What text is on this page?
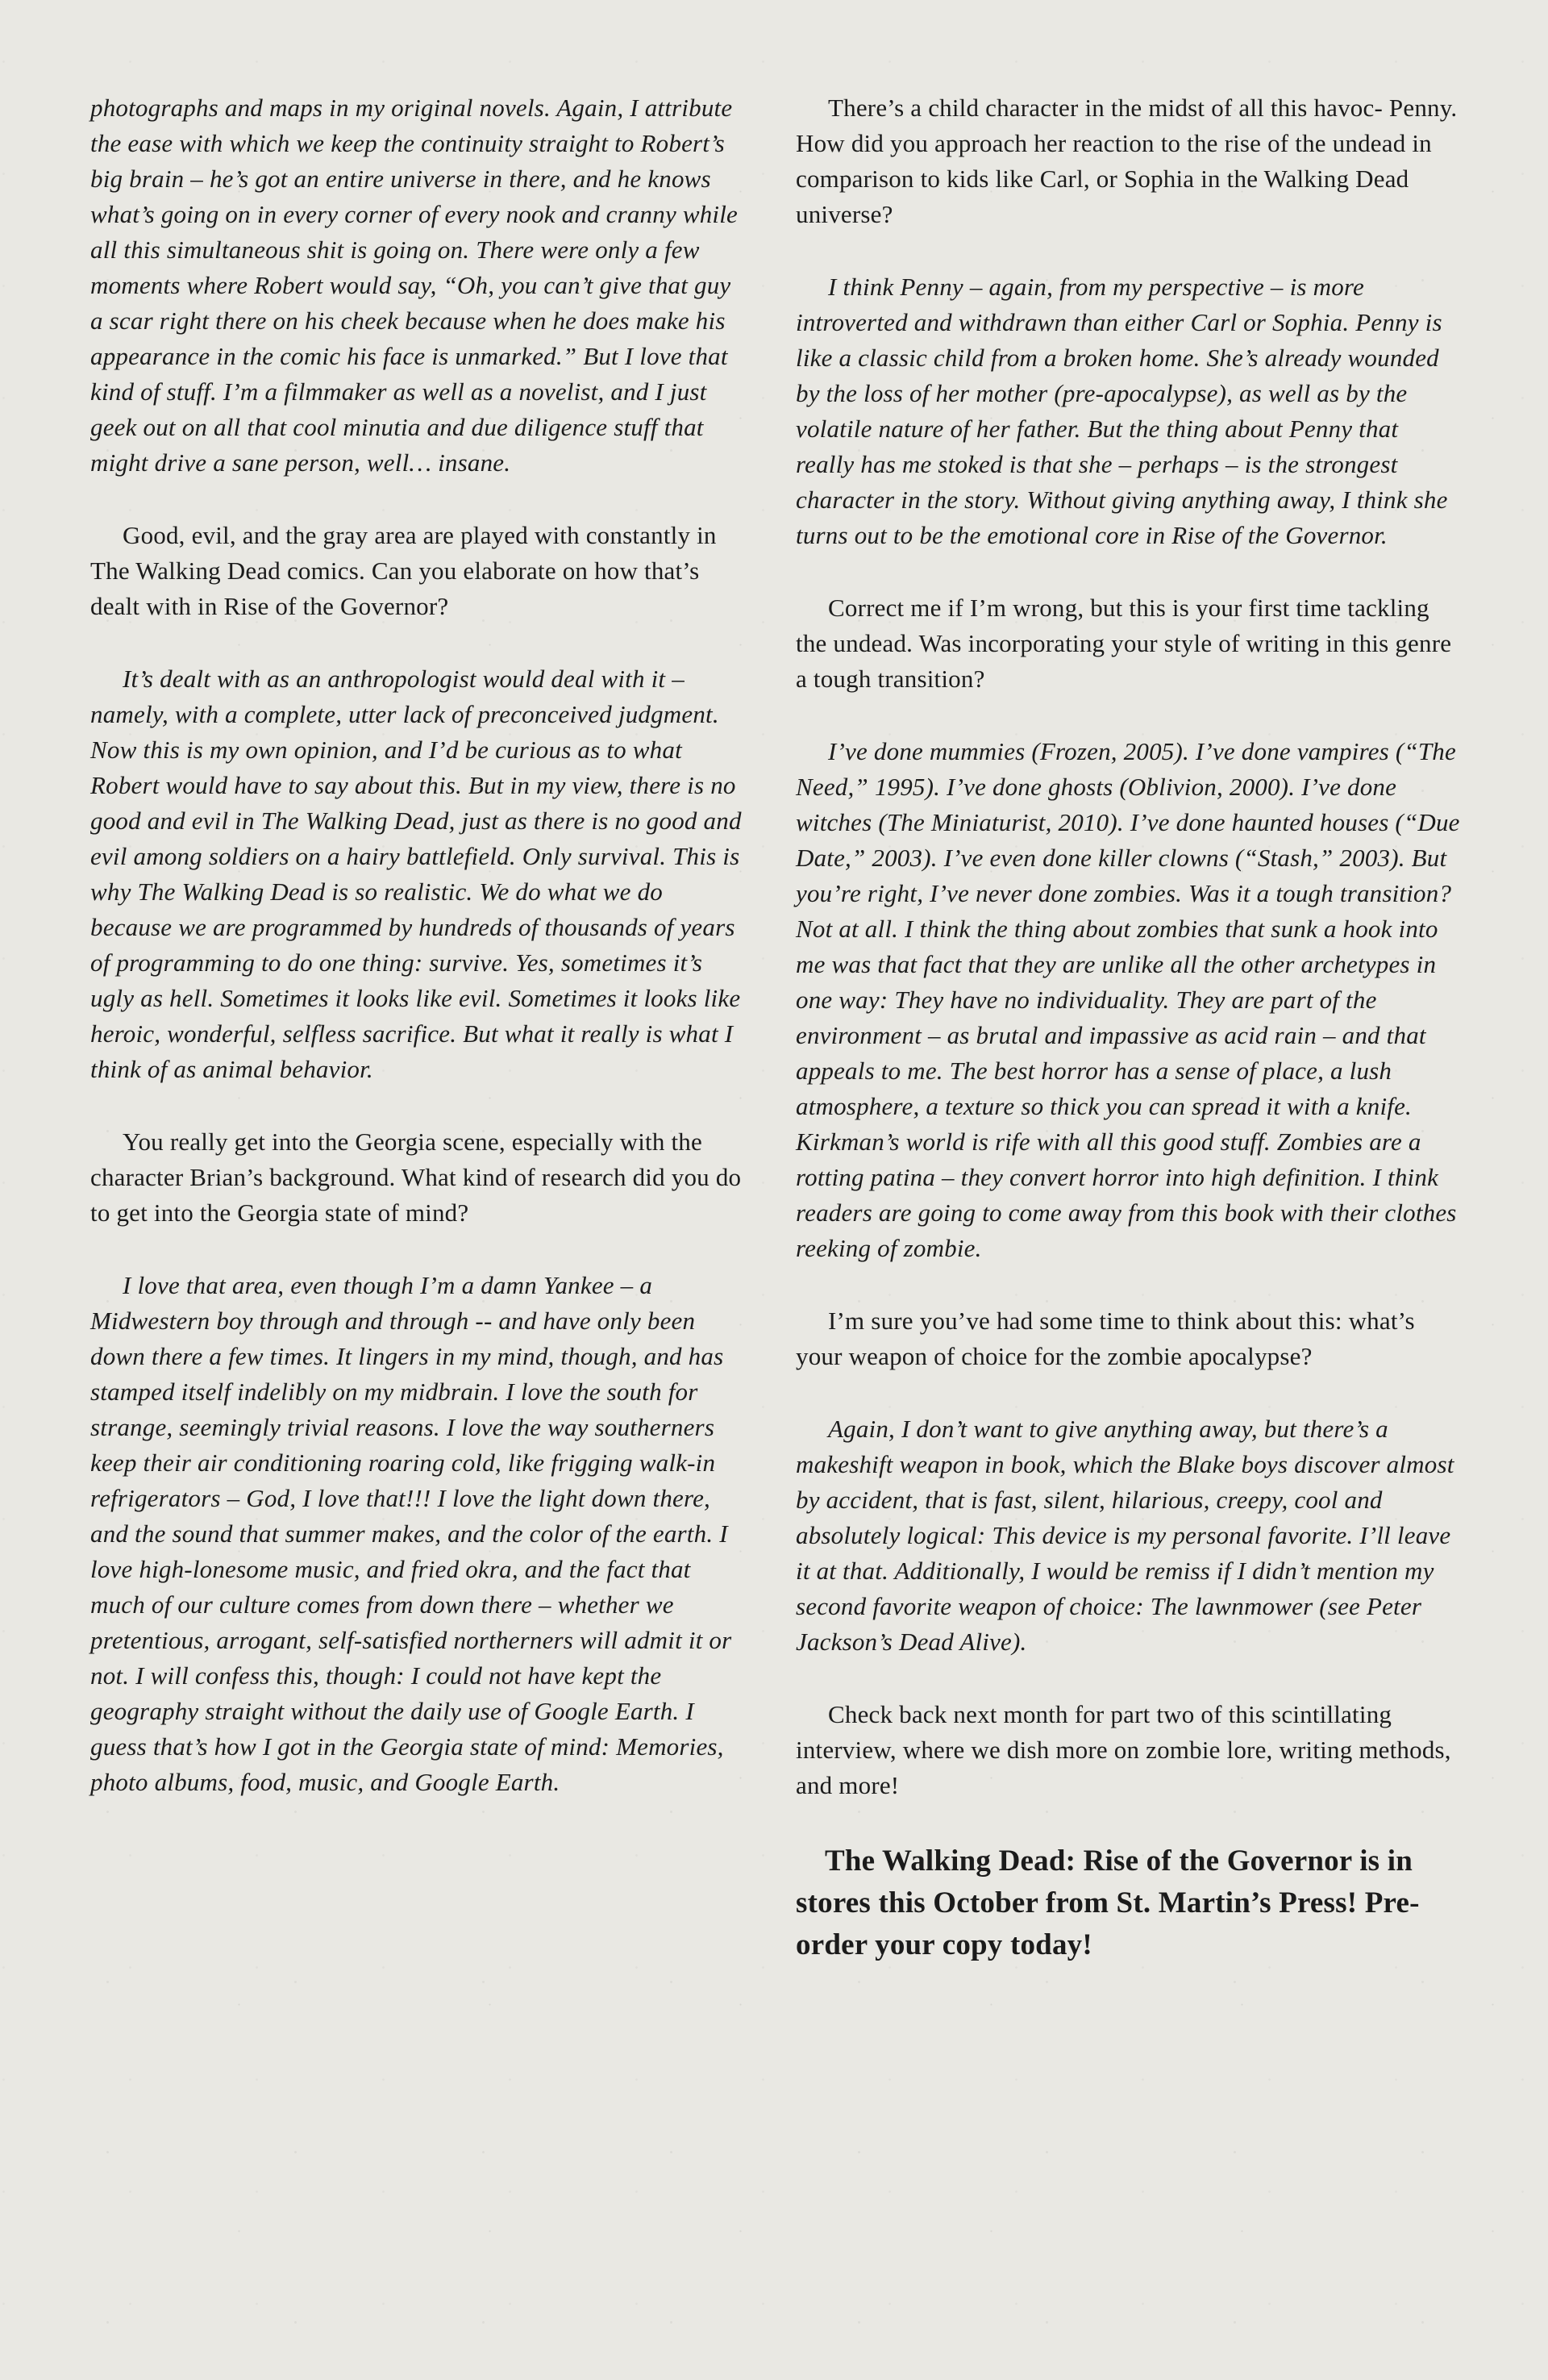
photographs and maps in my original novels. Again, I attribute the ease with which we keep the continuity straight to Robert’s big brain – he’s got an entire universe in there, and he knows what’s going on in every corner of every nook and cranny while all this simultaneous shit is going on. There were only a few moments where Robert would say, “Oh, you can’t give that guy a scar right there on his cheek because when he does make his appearance in the comic his face is unmarked.” But I love that kind of stuff. I’m a filmmaker as well as a novelist, and I just geek out on all that cool minutia and due diligence stuff that might drive a sane person, well… insane.

Good, evil, and the gray area are played with constantly in The Walking Dead comics. Can you elaborate on how that’s dealt with in Rise of the Governor?

It’s dealt with as an anthropologist would deal with it – namely, with a complete, utter lack of preconceived judgment. Now this is my own opinion, and I’d be curious as to what Robert would have to say about this. But in my view, there is no good and evil in The Walking Dead, just as there is no good and evil among soldiers on a hairy battlefield. Only survival. This is why The Walking Dead is so realistic. We do what we do because we are programmed by hundreds of thousands of years of programming to do one thing: survive. Yes, sometimes it’s ugly as hell. Sometimes it looks like evil. Sometimes it looks like heroic, wonderful, selfless sacrifice. But what it really is what I think of as animal behavior.

You really get into the Georgia scene, especially with the character Brian’s background. What kind of research did you do to get into the Georgia state of mind?

I love that area, even though I’m a damn Yankee – a Midwestern boy through and through -- and have only been down there a few times. It lingers in my mind, though, and has stamped itself indelibly on my midbrain. I love the south for strange, seemingly trivial reasons. I love the way southerners keep their air conditioning roaring cold, like frigging walk-in refrigerators – God, I love that!!! I love the light down there, and the sound that summer makes, and the color of the earth. I love high-lonesome music, and fried okra, and the fact that much of our culture comes from down there – whether we pretentious, arrogant, self-satisfied northerners will admit it or not. I will confess this, though: I could not have kept the geography straight without the daily use of Google Earth. I guess that’s how I got in the Georgia state of mind: Memories, photo albums, food, music, and Google Earth.

There’s a child character in the midst of all this havoc- Penny. How did you approach her reaction to the rise of the undead in comparison to kids like Carl, or Sophia in the Walking Dead universe?

I think Penny – again, from my perspective – is more introverted and withdrawn than either Carl or Sophia. Penny is like a classic child from a broken home. She’s already wounded by the loss of her mother (pre-apocalypse), as well as by the volatile nature of her father. But the thing about Penny that really has me stoked is that she – perhaps – is the strongest character in the story. Without giving anything away, I think she turns out to be the emotional core in Rise of the Governor.

Correct me if I’m wrong, but this is your first time tackling the undead. Was incorporating your style of writing in this genre a tough transition?

I’ve done mummies (Frozen, 2005). I’ve done vampires (“The Need,” 1995). I’ve done ghosts (Oblivion, 2000). I’ve done witches (The Miniaturist, 2010). I’ve done haunted houses (“Due Date,” 2003). I’ve even done killer clowns (“Stash,” 2003). But you’re right, I’ve never done zombies. Was it a tough transition? Not at all. I think the thing about zombies that sunk a hook into me was that fact that they are unlike all the other archetypes in one way: They have no individuality. They are part of the environment – as brutal and impassive as acid rain – and that appeals to me. The best horror has a sense of place, a lush atmosphere, a texture so thick you can spread it with a knife. Kirkman’s world is rife with all this good stuff. Zombies are a rotting patina – they convert horror into high definition. I think readers are going to come away from this book with their clothes reeking of zombie.

I’m sure you’ve had some time to think about this: what’s your weapon of choice for the zombie apocalypse?

Again, I don’t want to give anything away, but there’s a makeshift weapon in book, which the Blake boys discover almost by accident, that is fast, silent, hilarious, creepy, cool and absolutely logical: This device is my personal favorite. I’ll leave it at that. Additionally, I would be remiss if I didn’t mention my second favorite weapon of choice: The lawnmower (see Peter Jackson’s Dead Alive).

Check back next month for part two of this scintillating interview, where we dish more on zombie lore, writing methods, and more!

The Walking Dead: Rise of the Governor is in stores this October from St. Martin’s Press! Pre-order your copy today!
